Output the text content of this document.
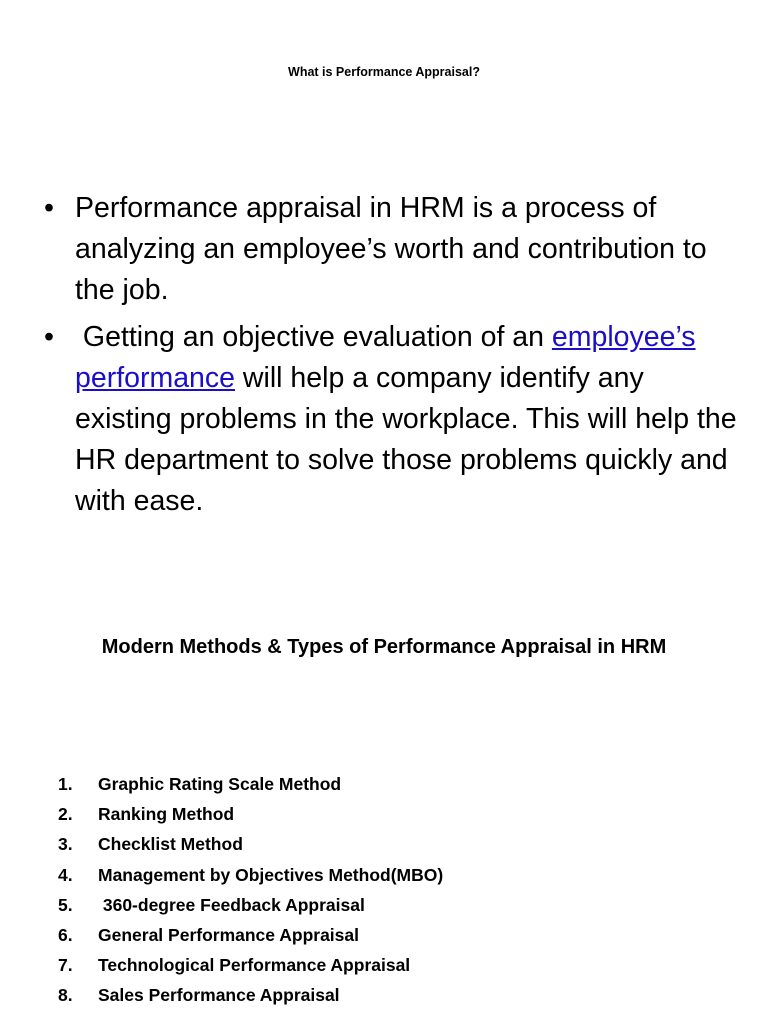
What is Performance Appraisal?
• Performance appraisal in HRM is a process of analyzing an employee’s worth and contribution to the job.
• Getting an objective evaluation of an employee’s performance will help a company identify any existing problems in the workplace. This will help the HR department to solve those problems quickly and with ease.
Modern Methods & Types of Performance Appraisal in HRM
1. Graphic Rating Scale Method
2. Ranking Method
3. Checklist Method
4. Management by Objectives Method(MBO)
5. 360-degree Feedback Appraisal
6. General Performance Appraisal
7. Technological Performance Appraisal
8. Sales Performance Appraisal
